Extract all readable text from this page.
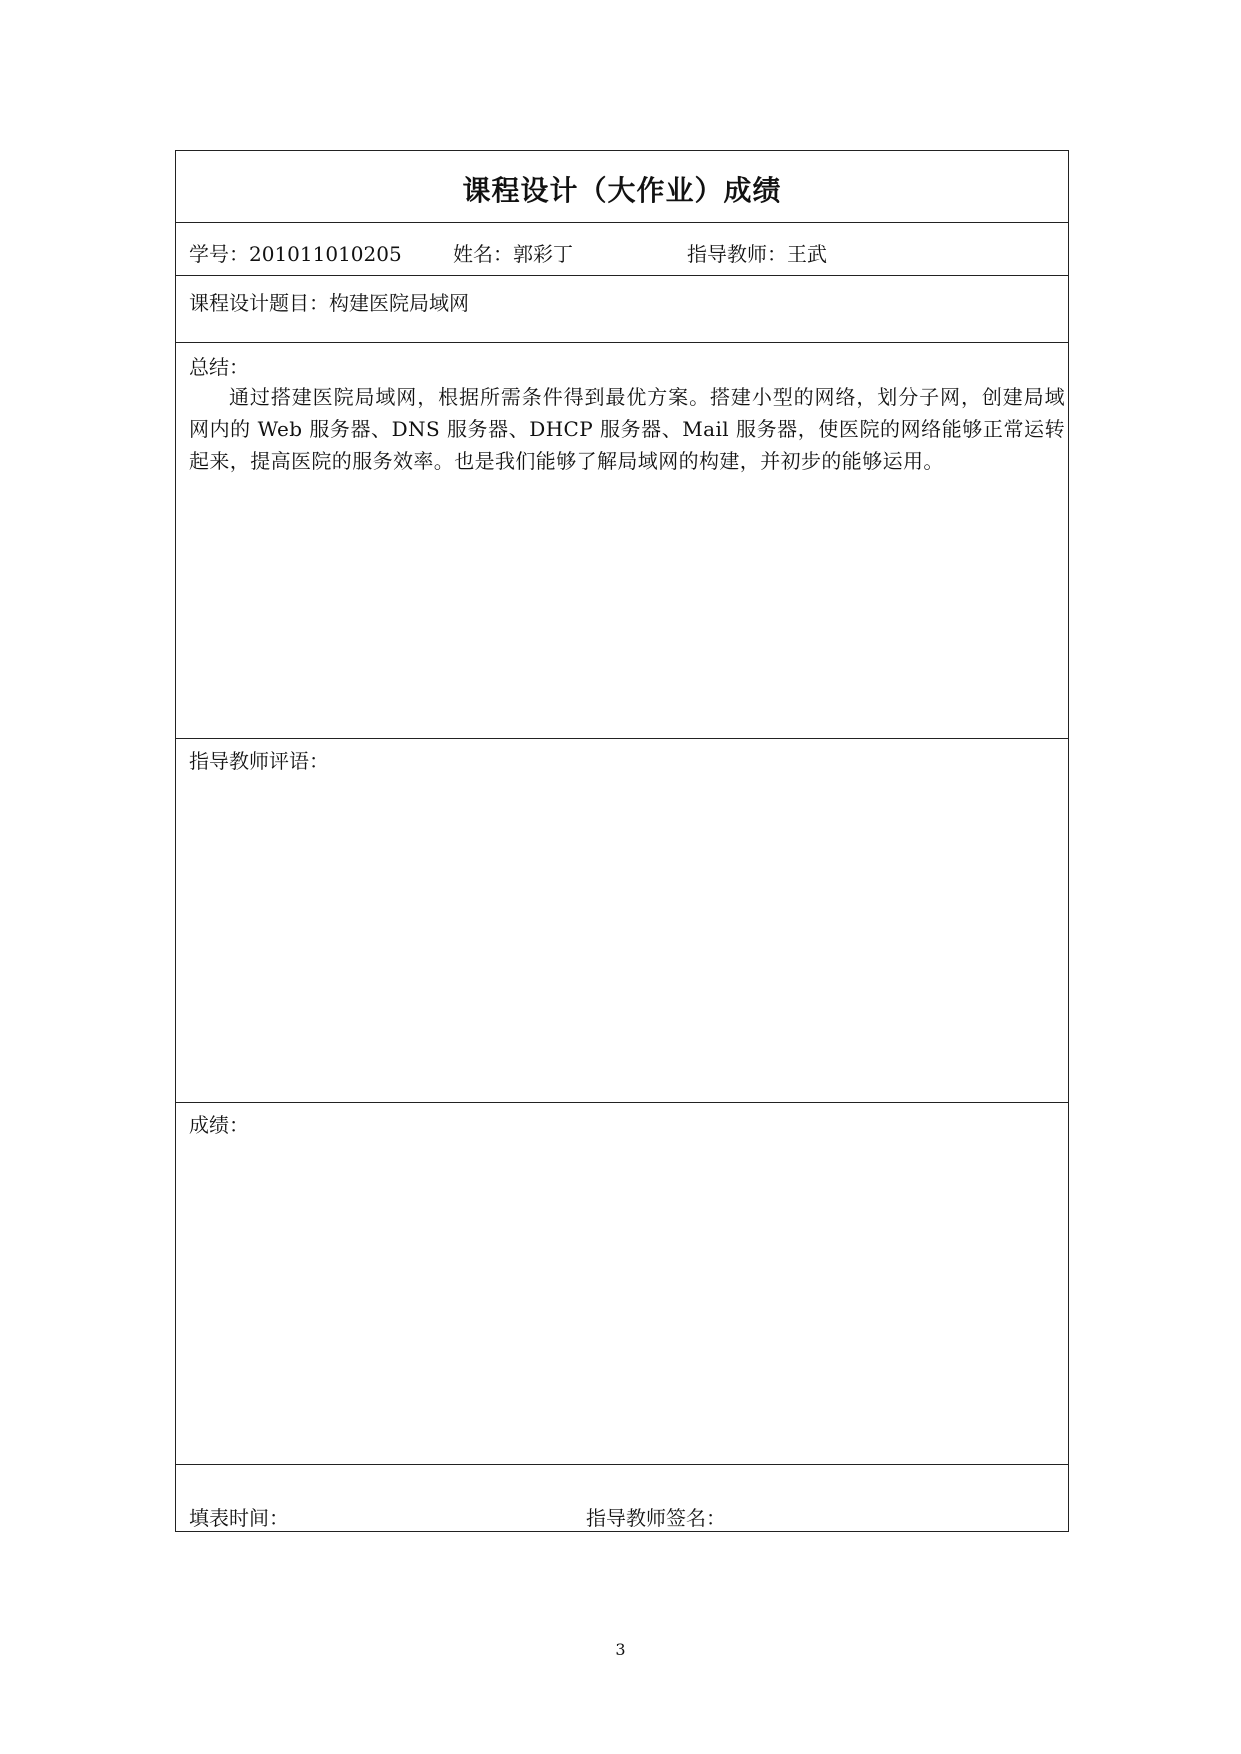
课程设计（大作业）成绩
学号：201011010205	姓名：郭彩丁	指导教师：王武
课程设计题目：构建医院局域网
总结：
通过搭建医院局域网，根据所需条件得到最优方案。搭建小型的网络，划分子网，创建局域网内的 Web 服务器、DNS 服务器、DHCP 服务器、Mail 服务器，使医院的网络能够正常运转起来，提高医院的服务效率。也是我们能够了解局域网的构建，并初步的能够运用。
指导教师评语：
成绩：
填表时间：	指导教师签名：
3
